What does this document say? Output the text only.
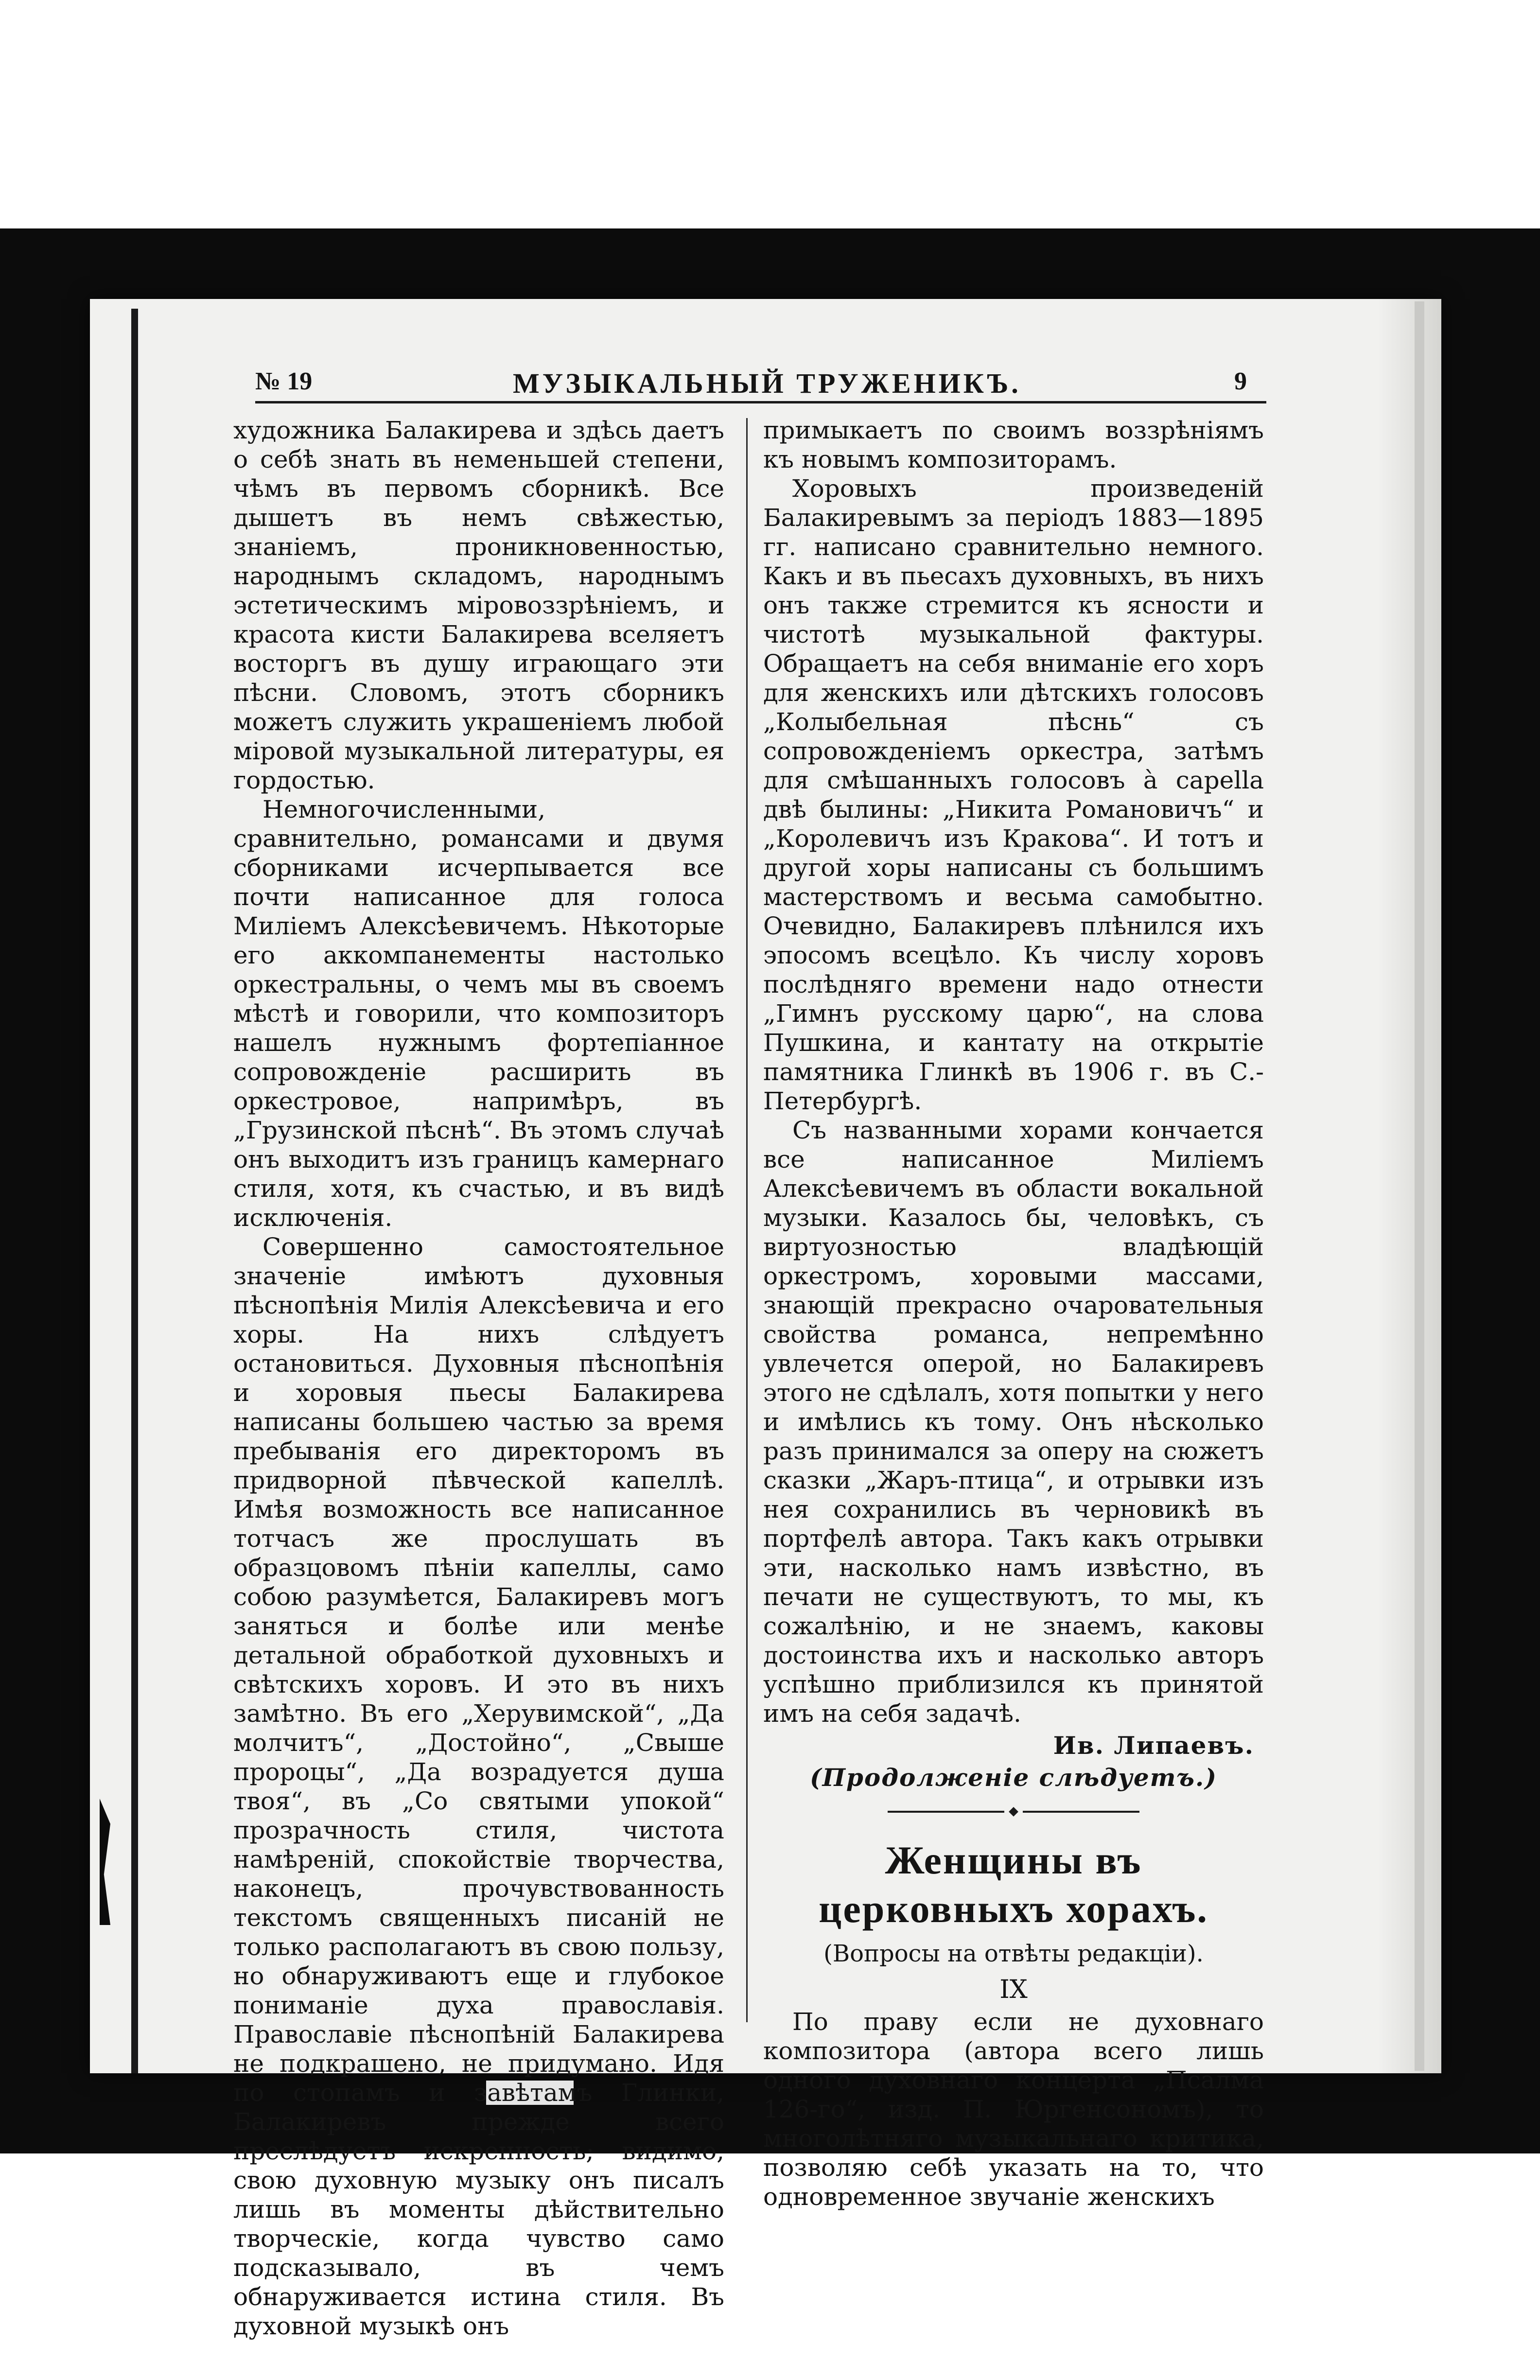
№ 19	МУЗЫКАЛЬНЫЙ ТРУЖЕНИКЪ.	9

художника Балакирева и здѣсь даетъ о себѣ знать въ неменьшей степени, чѣмъ въ первомъ сборникѣ. Все дышетъ въ немъ свѣжестью, знаніемъ, проникновенностью, народнымъ складомъ, народнымъ эстетическимъ міровоззрѣніемъ, и красота кисти Балакирева вселяетъ восторгъ въ душу играющаго эти пѣсни. Словомъ, этотъ сборникъ можетъ служить украшеніемъ любой міровой музыкальной литературы, ея гордостью.

Немногочисленными, сравнительно, романсами и двумя сборниками исчерпывается все почти написанное для голоса Миліемъ Алексѣевичемъ. Нѣкоторые его аккомпанементы настолько оркестральны, о чемъ мы въ своемъ мѣстѣ и говорили, что композиторъ нашелъ нужнымъ фортепіанное сопровожденіе расширить въ оркестровое, напримѣръ, въ „Грузинской пѣснѣ“. Въ этомъ случаѣ онъ выходитъ изъ границъ камернаго стиля, хотя, къ счастью, и въ видѣ исключенія.

Совершенно самостоятельное значеніе имѣютъ духовныя пѣснопѣнія Милія Алексѣевича и его хоры. На нихъ слѣдуетъ остановиться. Духовныя пѣснопѣнія и хоровыя пьесы Балакирева написаны большею частью за время пребыванія его директоромъ въ придворной пѣвческой капеллѣ. Имѣя возможность все написанное тотчасъ же прослушать въ образцовомъ пѣніи капеллы, само собою разумѣется, Балакиревъ могъ заняться и болѣе или менѣе детальной обработкой духовныхъ и свѣтскихъ хоровъ. И это въ нихъ замѣтно. Въ его „Херувимской“, „Да молчитъ“, „Достойно“, „Свыше пророцы“, „Да возрадуется душа твоя“, въ „Со святыми упокой“ прозрачность стиля, чистота намѣреній, спокойствіе творчества, наконецъ, прочувствованность текстомъ священныхъ писаній не только располагаютъ въ свою пользу, но обнаруживаютъ еще и глубокое пониманіе духа православія. Православіе пѣснопѣній Балакирева не подкрашено, не придумано. Идя по стопамъ и завѣтамъ Глинки, Балакиревъ прежде всего преслѣдуетъ искренность; видимо, свою духовную музыку онъ писалъ лишь въ моменты дѣйствительно творческіе, когда чувство само подсказывало, въ чемъ обнаруживается истина стиля. Въ духовной музыкѣ онъ

примыкаетъ по своимъ воззрѣніямъ къ новымъ композиторамъ.

Хоровыхъ произведеній Балакиревымъ за періодъ 1883—1895 гг. написано сравнительно немного. Какъ и въ пьесахъ духовныхъ, въ нихъ онъ также стремится къ ясности и чистотѣ музыкальной фактуры. Обращаетъ на себя вниманіе его хоръ для женскихъ или дѣтскихъ голосовъ „Колыбельная пѣснь“ съ сопровожденіемъ оркестра, затѣмъ для смѣшанныхъ голосовъ à capella двѣ былины: „Никита Романовичъ“ и „Королевичъ изъ Кракова“. И тотъ и другой хоры написаны съ большимъ мастерствомъ и весьма самобытно. Очевидно, Балакиревъ плѣнился ихъ эпосомъ всецѣло. Къ числу хоровъ послѣдняго времени надо отнести „Гимнъ русскому царю“, на слова Пушкина, и кантату на открытіе памятника Глинкѣ въ 1906 г. въ С.-Петербургѣ.

Съ названными хорами кончается все написанное Миліемъ Алексѣевичемъ въ области вокальной музыки. Казалось бы, человѣкъ, съ виртуозностью владѣющій оркестромъ, хоровыми массами, знающій прекрасно очаровательныя свойства романса, непремѣнно увлечется оперой, но Балакиревъ этого не сдѣлалъ, хотя попытки у него и имѣлись къ тому. Онъ нѣсколько разъ принимался за оперу на сюжетъ сказки „Жаръ-птица“, и отрывки изъ нея сохранились въ черновикѣ въ портфелѣ автора. Такъ какъ отрывки эти, насколько намъ извѣстно, въ печати не существуютъ, то мы, къ сожалѣнію, и не знаемъ, каковы достоинства ихъ и насколько авторъ успѣшно приблизился къ принятой имъ на себя задачѣ.

Ив. Липаевъ.
(Продолженіе слѣдуетъ.)
Женщины въ церковныхъ хорахъ.
(Вопросы на отвѣты редакціи).
IX

По праву если не духовнаго композитора (автора всего лишь одного духовнаго концерта „Псалма 126-го“, изд. П. Юргенсономъ), то многолѣтняго музыкальнаго критика, позволяю себѣ указать на то, что одновременное звучаніе женскихъ
